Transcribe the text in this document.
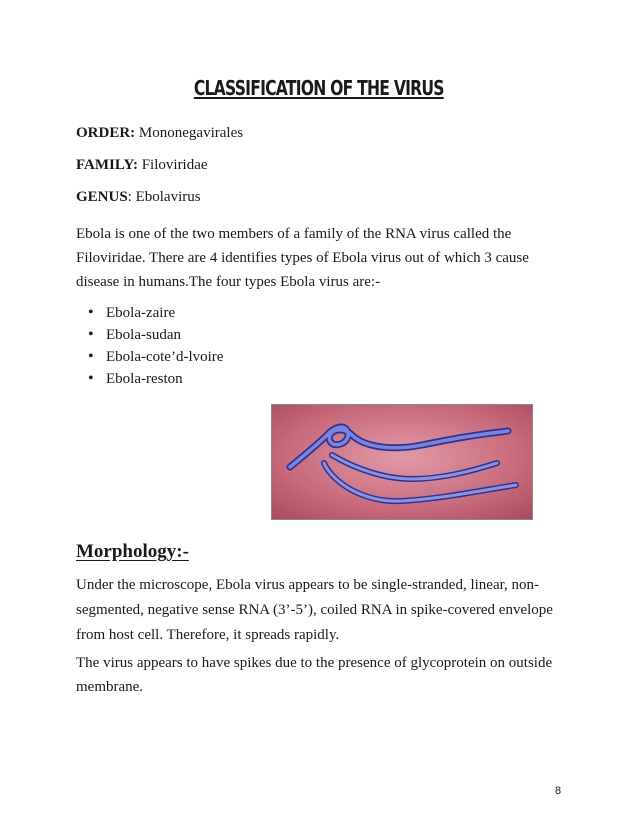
CLASSIFICATION OF THE VIRUS
ORDER: Mononegavirales
FAMILY: Filoviridae
GENUS: Ebolavirus

Ebola is one of the two members of a family of the RNA virus called the Filoviridae. There are 4 identifies types of Ebola virus out of which 3 cause disease in humans.The four types Ebola virus are:-

• Ebola-zaire
• Ebola-sudan
• Ebola-cote’d-lvoire
• Ebola-reston
Morphology:-

Under the microscope, Ebola virus appears to be single-stranded, linear, non-segmented, negative sense RNA (3’-5’), coiled RNA in spike-covered envelope from host cell. Therefore, it spreads rapidly.

The virus appears to have spikes due to the presence of glycoprotein on outside membrane.

8
